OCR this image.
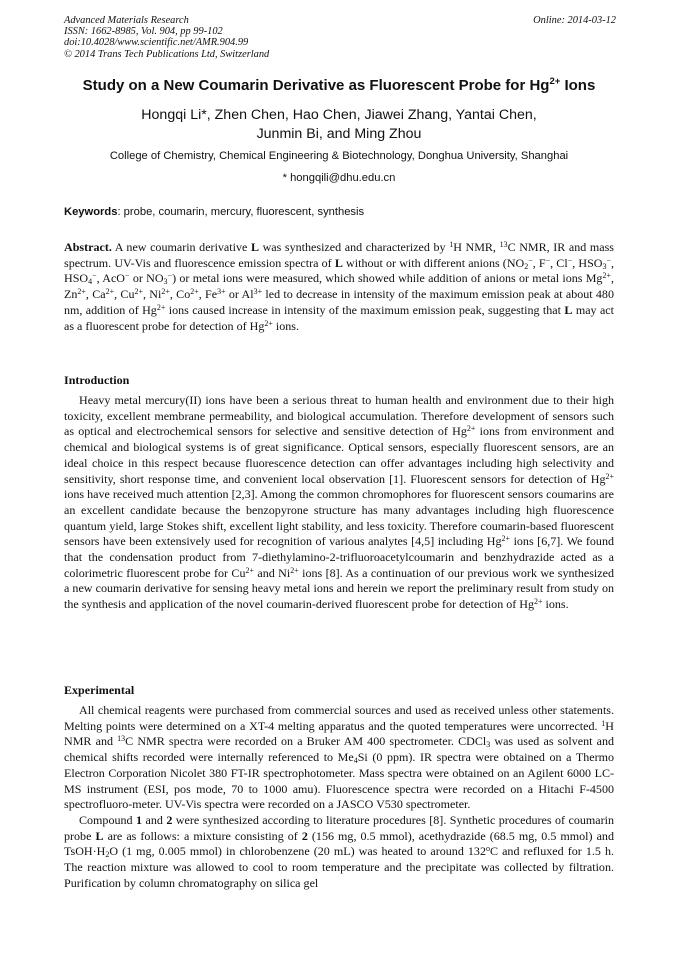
Advanced Materials Research
ISSN: 1662-8985, Vol. 904, pp 99-102
doi:10.4028/www.scientific.net/AMR.904.99
© 2014 Trans Tech Publications Ltd, Switzerland
Online: 2014-03-12
Study on a New Coumarin Derivative as Fluorescent Probe for $Hg^{2+}$ Ions
Hongqi Li*, Zhen Chen, Hao Chen, Jiawei Zhang, Yantai Chen,
Junmin Bi, and Ming Zhou
College of Chemistry, Chemical Engineering & Biotechnology, Donghua University, Shanghai
* hongqili@dhu.edu.cn
Keywords: probe, coumarin, mercury, fluorescent, synthesis

Abstract. A new coumarin derivative L was synthesized and characterized by $^1$H NMR, $^{13}$C NMR, IR and mass spectrum. UV-Vis and fluorescence emission spectra of L without or with different anions ($NO_2^-$, F−, Cl−, $HSO_3^-$, $HSO_4^-$, AcO− or $NO_3^-$) or metal ions were measured, which showed while addition of anions or metal ions $Mg^{2+}$, $Zn^{2+}$, $Ca^{2+}$, $Cu^{2+}$, $Ni^{2+}$, $Co^{2+}$, $Fe^{3+}$ or $Al^{3+}$ led to decrease in intensity of the maximum emission peak at about 480 nm, addition of $Hg^{2+}$ ions caused increase in intensity of the maximum emission peak, suggesting that L may act as a fluorescent probe for detection of $Hg^{2+}$ ions.

Introduction

Heavy metal mercury(II) ions have been a serious threat to human health and environment due to their high toxicity, excellent membrane permeability, and biological accumulation. Therefore development of sensors such as optical and electrochemical sensors for selective and sensitive detection of $Hg^{2+}$ ions from environment and chemical and biological systems is of great significance. Optical sensors, especially fluorescent sensors, are an ideal choice in this respect because fluorescence detection can offer advantages including high selectivity and sensitivity, short response time, and convenient local observation [1]. Fluorescent sensors for detection of $Hg^{2+}$ ions have received much attention [2,3]. Among the common chromophores for fluorescent sensors coumarins are an excellent candidate because the benzopyrone structure has many advantages including high fluorescence quantum yield, large Stokes shift, excellent light stability, and less toxicity. Therefore coumarin-based fluorescent sensors have been extensively used for recognition of various analytes [4,5] including $Hg^{2+}$ ions [6,7]. We found that the condensation product from 7-diethylamino-2-trifluoroacetylcoumarin and benzhydrazide acted as a colorimetric fluorescent probe for $Cu^{2+}$ and $Ni^{2+}$ ions [8]. As a continuation of our previous work we synthesized a new coumarin derivative for sensing heavy metal ions and herein we report the preliminary result from study on the synthesis and application of the novel coumarin-derived fluorescent probe for detection of $Hg^{2+}$ ions.

Experimental

All chemical reagents were purchased from commercial sources and used as received unless other statements. Melting points were determined on a XT-4 melting apparatus and the quoted temperatures were uncorrected. $^1$H NMR and $^{13}$C NMR spectra were recorded on a Bruker AM 400 spectrometer. CDCl$_3$ was used as solvent and chemical shifts recorded were internally referenced to $Me_4Si$ (0 ppm). IR spectra were obtained on a Thermo Electron Corporation Nicolet 380 FT-IR spectrophotometer. Mass spectra were obtained on an Agilent 6000 LC-MS instrument (ESI, pos mode, 70 to 1000 amu). Fluorescence spectra were recorded on a Hitachi F-4500 spectrofluoro-meter. UV-Vis spectra were recorded on a JASCO V530 spectrometer.

Compound 1 and 2 were synthesized according to literature procedures [8]. Synthetic procedures of coumarin probe L are as follows: a mixture consisting of 2 (156 mg, 0.5 mmol), acethydrazide (68.5 mg, 0.5 mmol) and $TsOH\cdot H_2O$ (1 mg, 0.005 mmol) in chlorobenzene (20 mL) was heated to around 132$^o$C and refluxed for 1.5 h. The reaction mixture was allowed to cool to room temperature and the precipitate was collected by filtration. Purification by column chromatography on silica gel
